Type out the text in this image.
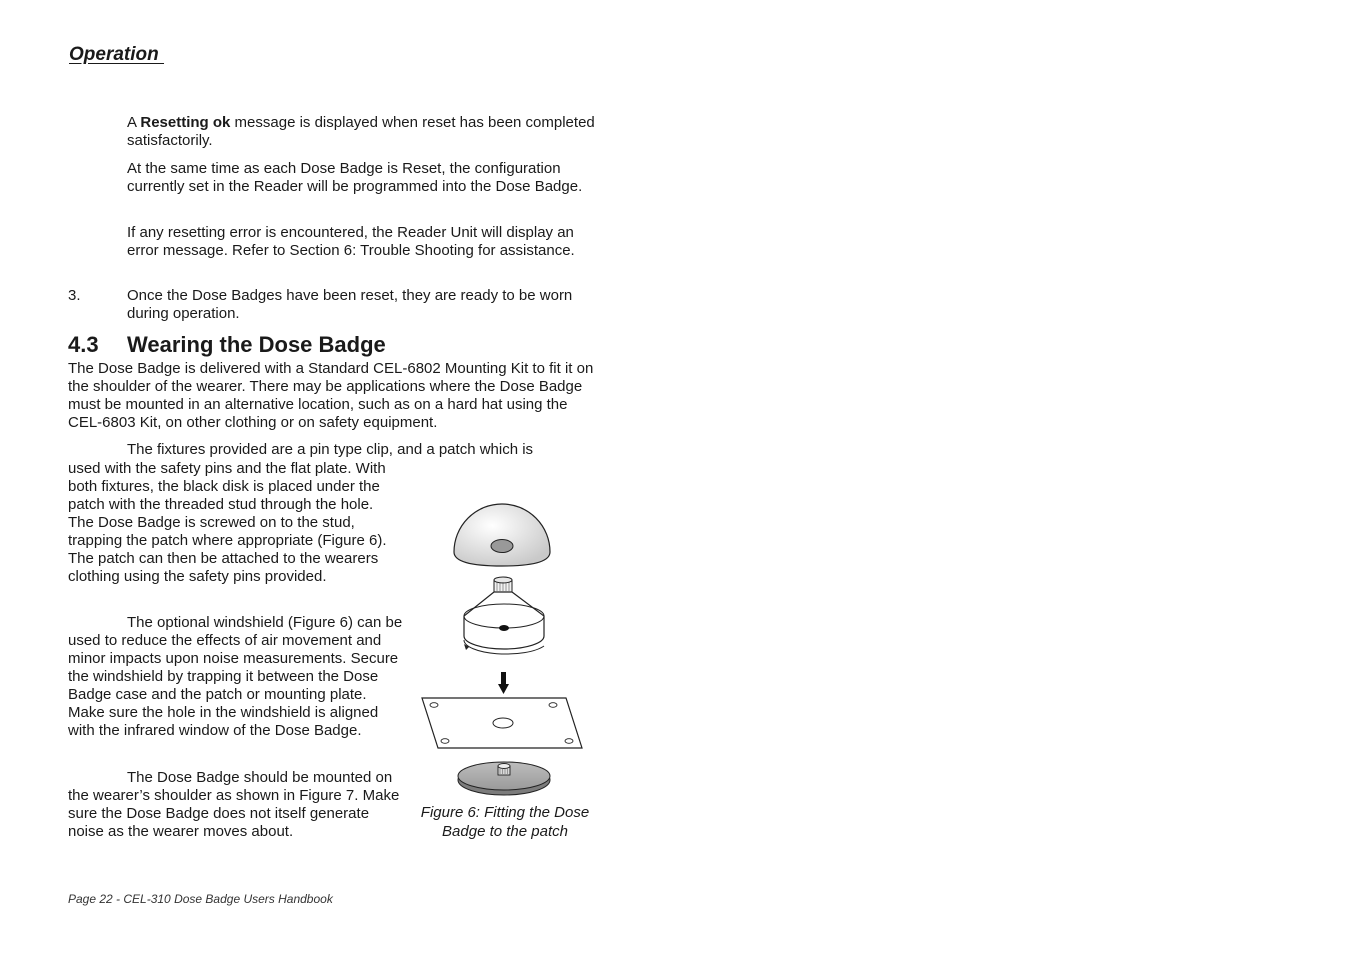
Operation

A Resetting ok message is displayed when reset has been completed satisfactorily.

At the same time as each Dose Badge is Reset, the configuration currently set in the Reader will be programmed into the Dose Badge.

If any resetting error is encountered, the Reader Unit will display an error message. Refer to Section 6: Trouble Shooting for assistance.

3.	Once the Dose Badges have been reset, they are ready to be worn during operation.

4.3 Wearing the Dose Badge

The Dose Badge is delivered with a Standard CEL-6802 Mounting Kit to fit it on the shoulder of the wearer. There may be applications where the Dose Badge must be mounted in an alternative location, such as on a hard hat using the CEL-6803 Kit, on other clothing or on safety equipment.

The fixtures provided are a pin type clip, and a patch which is

used with the safety pins and the flat plate. With both fixtures, the black disk is placed under the patch with the threaded stud through the hole. The Dose Badge is screwed on to the stud, trapping the patch where appropriate (Figure 6). The patch can then be attached to the wearers clothing using the safety pins provided.

The optional windshield (Figure 6) can be used to reduce the effects of air movement and minor impacts upon noise measurements. Secure the windshield by trapping it between the Dose Badge case and the patch or mounting plate. Make sure the hole in the windshield is aligned with the infrared window of the Dose Badge.

The Dose Badge should be mounted on the wearer’s shoulder as shown in Figure 7. Make sure the Dose Badge does not itself generate noise as the wearer moves about.

Figure 6: Fitting the Dose
Badge to the patch
Page 22 - CEL-310 Dose Badge Users Handbook
